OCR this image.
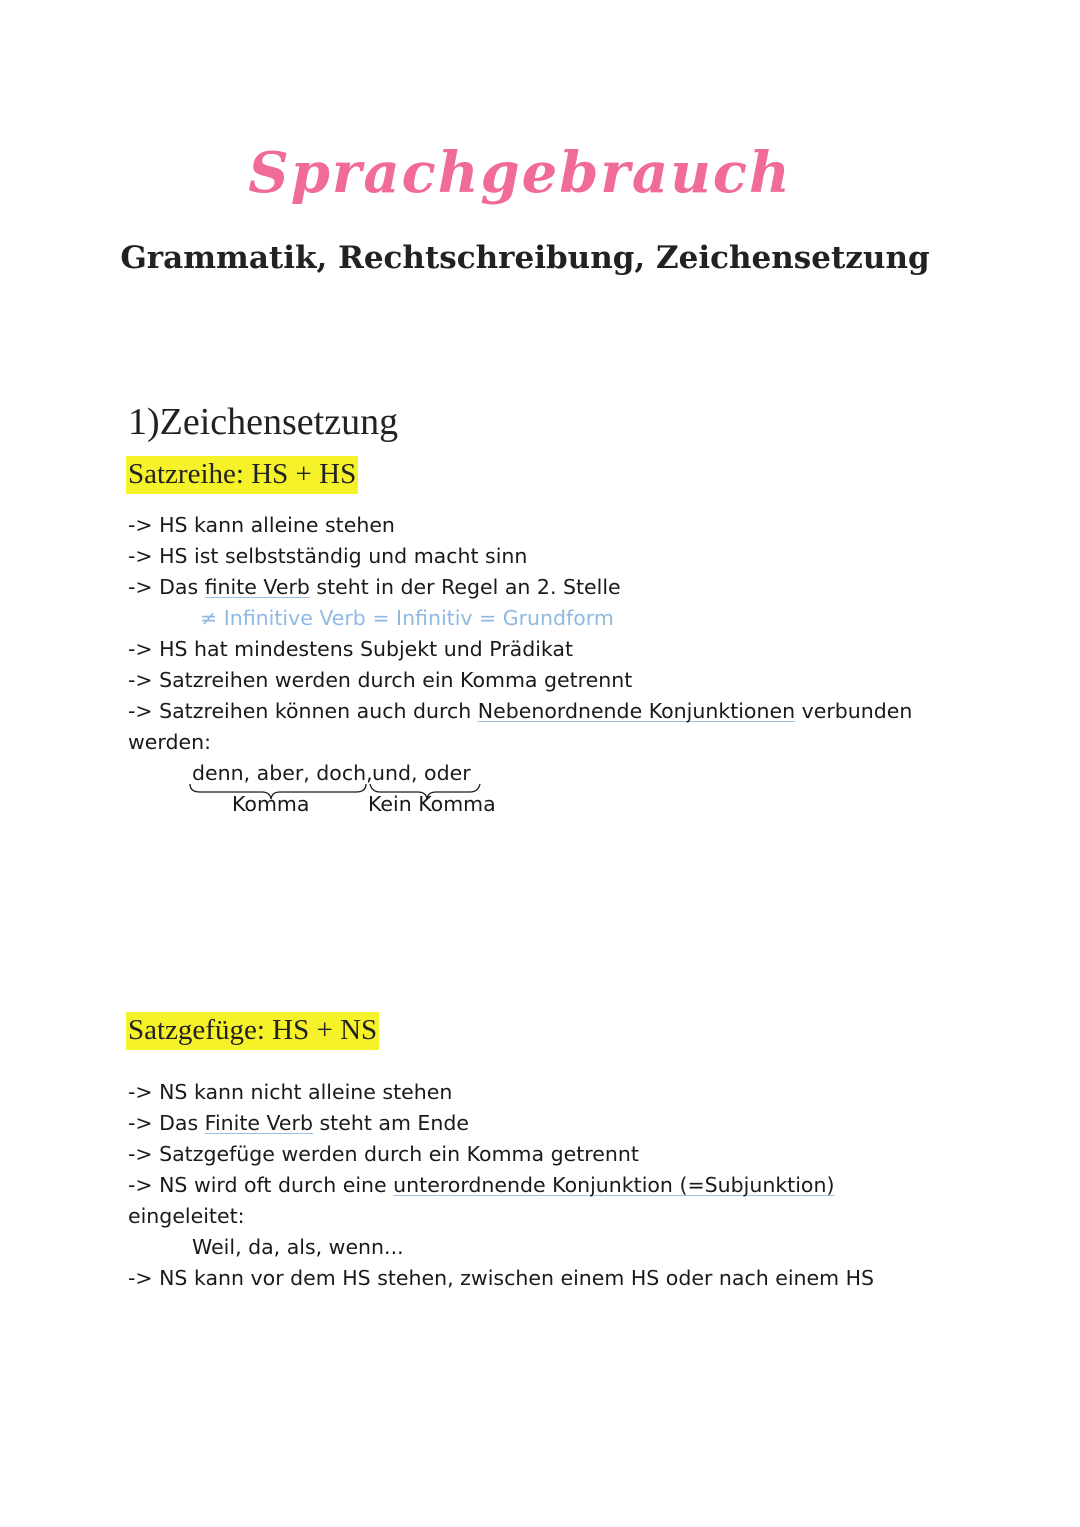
Sprachgebrauch
Grammatik, Rechtschreibung, Zeichensetzung
1)Zeichensetzung
Satzreihe: HS + HS
-> HS kann alleine stehen
-> HS ist selbstständig und macht sinn
-> Das finite Verb steht in der Regel an 2. Stelle
≠ Infinitive Verb = Infinitiv = Grundform
-> HS hat mindestens Subjekt und Prädikat
-> Satzreihen werden durch ein Komma getrennt
-> Satzreihen können auch durch Nebenordnende Konjunktionen verbunden
werden:
denn, aber, doch, und, oder
Komma	Kein Komma
Satzgefüge: HS + NS
-> NS kann nicht alleine stehen
-> Das Finite Verb steht am Ende
-> Satzgefüge werden durch ein Komma getrennt
-> NS wird oft durch eine unterordnende Konjunktion (=Subjunktion)
eingeleitet:
Weil, da, als, wenn...
-> NS kann vor dem HS stehen, zwischen einem HS oder nach einem HS
